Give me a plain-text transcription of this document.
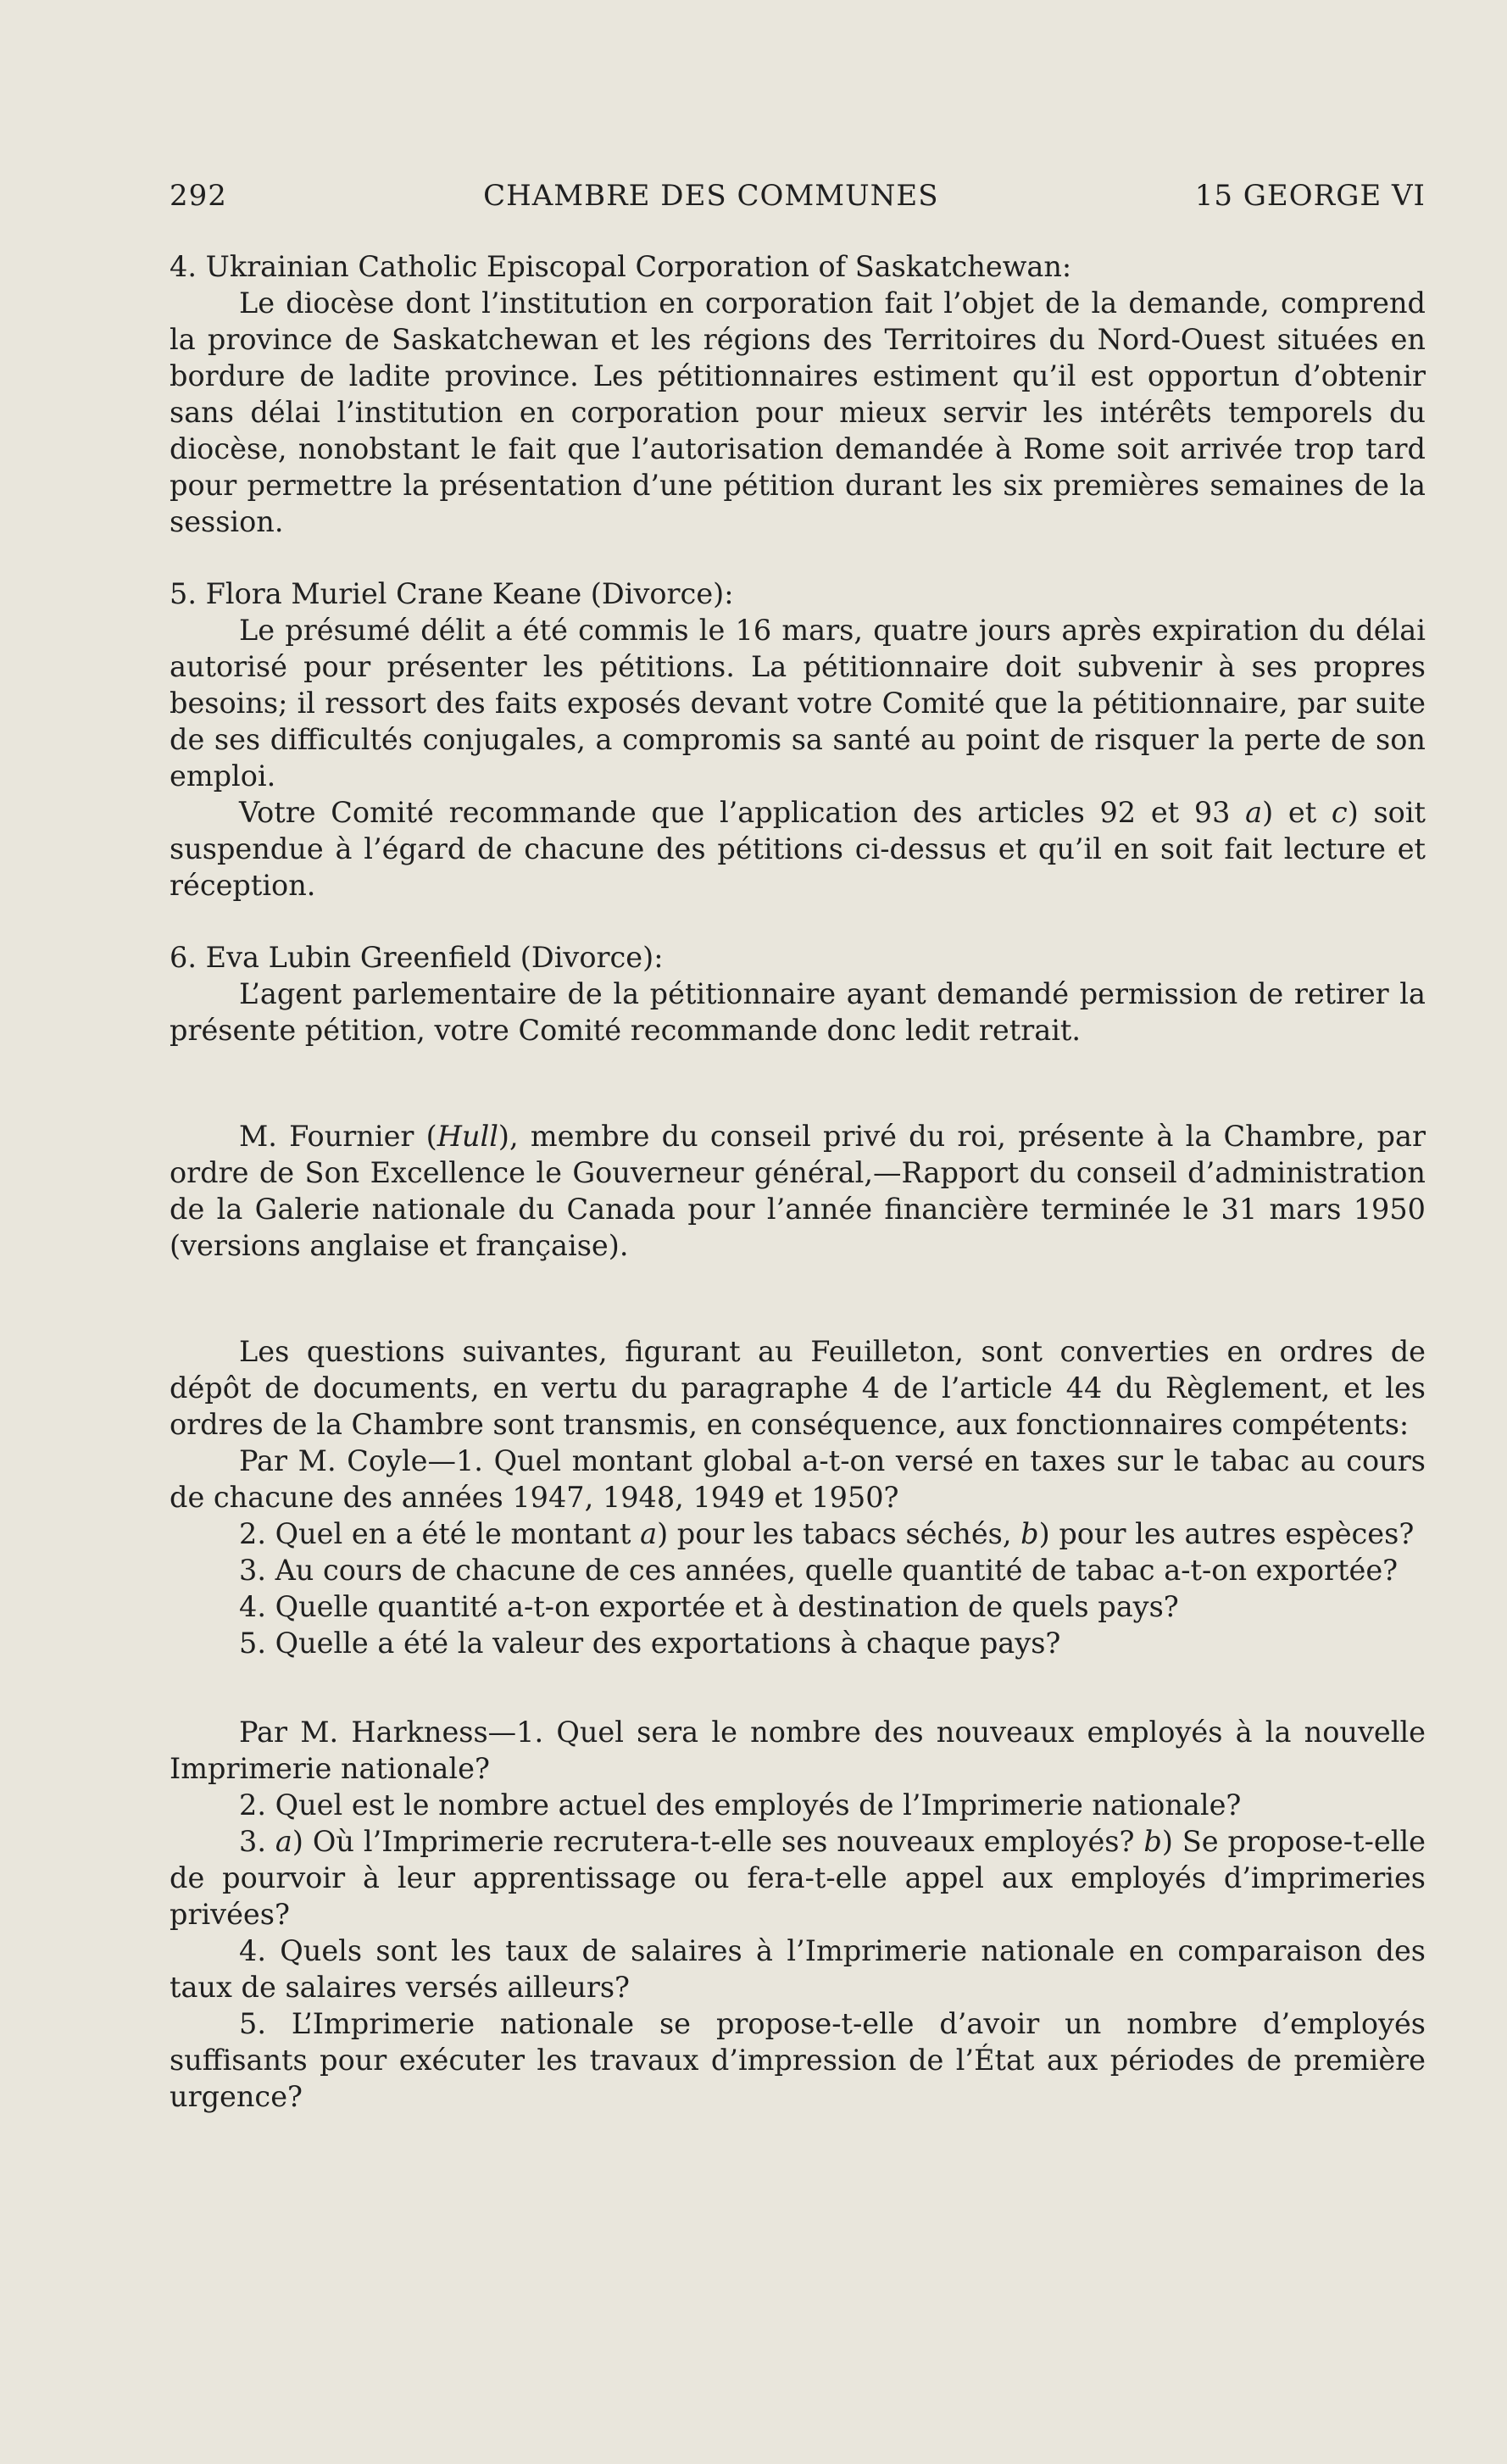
292	CHAMBRE DES COMMUNES	15 GEORGE VI
4. Ukrainian Catholic Episcopal Corporation of Saskatchewan:

Le diocèse dont l’institution en corporation fait l’objet de la demande, comprend la province de Saskatchewan et les régions des Territoires du Nord-Ouest situées en bordure de ladite province. Les pétitionnaires estiment qu’il est opportun d’obtenir sans délai l’institution en corporation pour mieux servir les intérêts temporels du diocèse, nonobstant le fait que l’autorisation demandée à Rome soit arrivée trop tard pour permettre la présentation d’une pétition durant les six premières semaines de la session.

5. Flora Muriel Crane Keane (Divorce):

Le présumé délit a été commis le 16 mars, quatre jours après expiration du délai autorisé pour présenter les pétitions. La pétitionnaire doit subvenir à ses propres besoins; il ressort des faits exposés devant votre Comité que la pétitionnaire, par suite de ses difficultés conjugales, a compromis sa santé au point de risquer la perte de son emploi.

Votre Comité recommande que l’application des articles 92 et 93 a) et c) soit suspendue à l’égard de chacune des pétitions ci-dessus et qu’il en soit fait lecture et réception.

6. Eva Lubin Greenfield (Divorce):

L’agent parlementaire de la pétitionnaire ayant demandé permission de retirer la présente pétition, votre Comité recommande donc ledit retrait.

M. Fournier (Hull), membre du conseil privé du roi, présente à la Chambre, par ordre de Son Excellence le Gouverneur général,—Rapport du conseil d’administration de la Galerie nationale du Canada pour l’année financière terminée le 31 mars 1950 (versions anglaise et française).

Les questions suivantes, figurant au Feuilleton, sont converties en ordres de dépôt de documents, en vertu du paragraphe 4 de l’article 44 du Règlement, et les ordres de la Chambre sont transmis, en conséquence, aux fonctionnaires compétents:

Par M. Coyle—1. Quel montant global a-t-on versé en taxes sur le tabac au cours de chacune des années 1947, 1948, 1949 et 1950?

2. Quel en a été le montant a) pour les tabacs séchés, b) pour les autres espèces?

3. Au cours de chacune de ces années, quelle quantité de tabac a-t-on exportée?

4. Quelle quantité a-t-on exportée et à destination de quels pays?

5. Quelle a été la valeur des exportations à chaque pays?

Par M. Harkness—1. Quel sera le nombre des nouveaux employés à la nouvelle Imprimerie nationale?

2. Quel est le nombre actuel des employés de l’Imprimerie nationale?

3. a) Où l’Imprimerie recrutera-t-elle ses nouveaux employés? b) Se propose-t-elle de pourvoir à leur apprentissage ou fera-t-elle appel aux employés d’imprimeries privées?

4. Quels sont les taux de salaires à l’Imprimerie nationale en comparaison des taux de salaires versés ailleurs?

5. L’Imprimerie nationale se propose-t-elle d’avoir un nombre d’employés suffisants pour exécuter les travaux d’impression de l’État aux périodes de première urgence?
